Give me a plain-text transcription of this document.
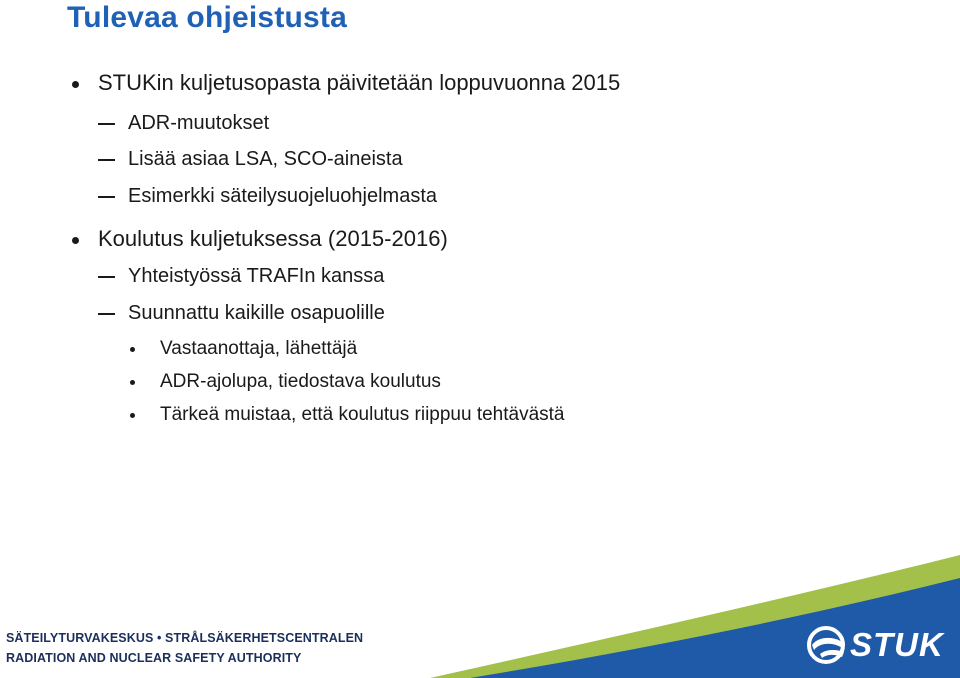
Tulevaa ohjeistusta
STUKin kuljetusopasta päivitetään loppuvuonna 2015
ADR-muutokset
Lisää asiaa LSA, SCO-aineista
Esimerkki säteilysuojeluohjelmasta
Koulutus kuljetuksessa (2015-2016)
Yhteistyössä TRAFIn kanssa
Suunnattu kaikille osapuolille
Vastaanottaja, lähettäjä
ADR-ajolupa, tiedostava koulutus
Tärkeä muistaa, että koulutus riippuu tehtävästä
SÄTEILYTURVAKESKUS • STRÅLSÄKERHETSCENTRALEN
RADIATION AND NUCLEAR SAFETY AUTHORITY	STUK
